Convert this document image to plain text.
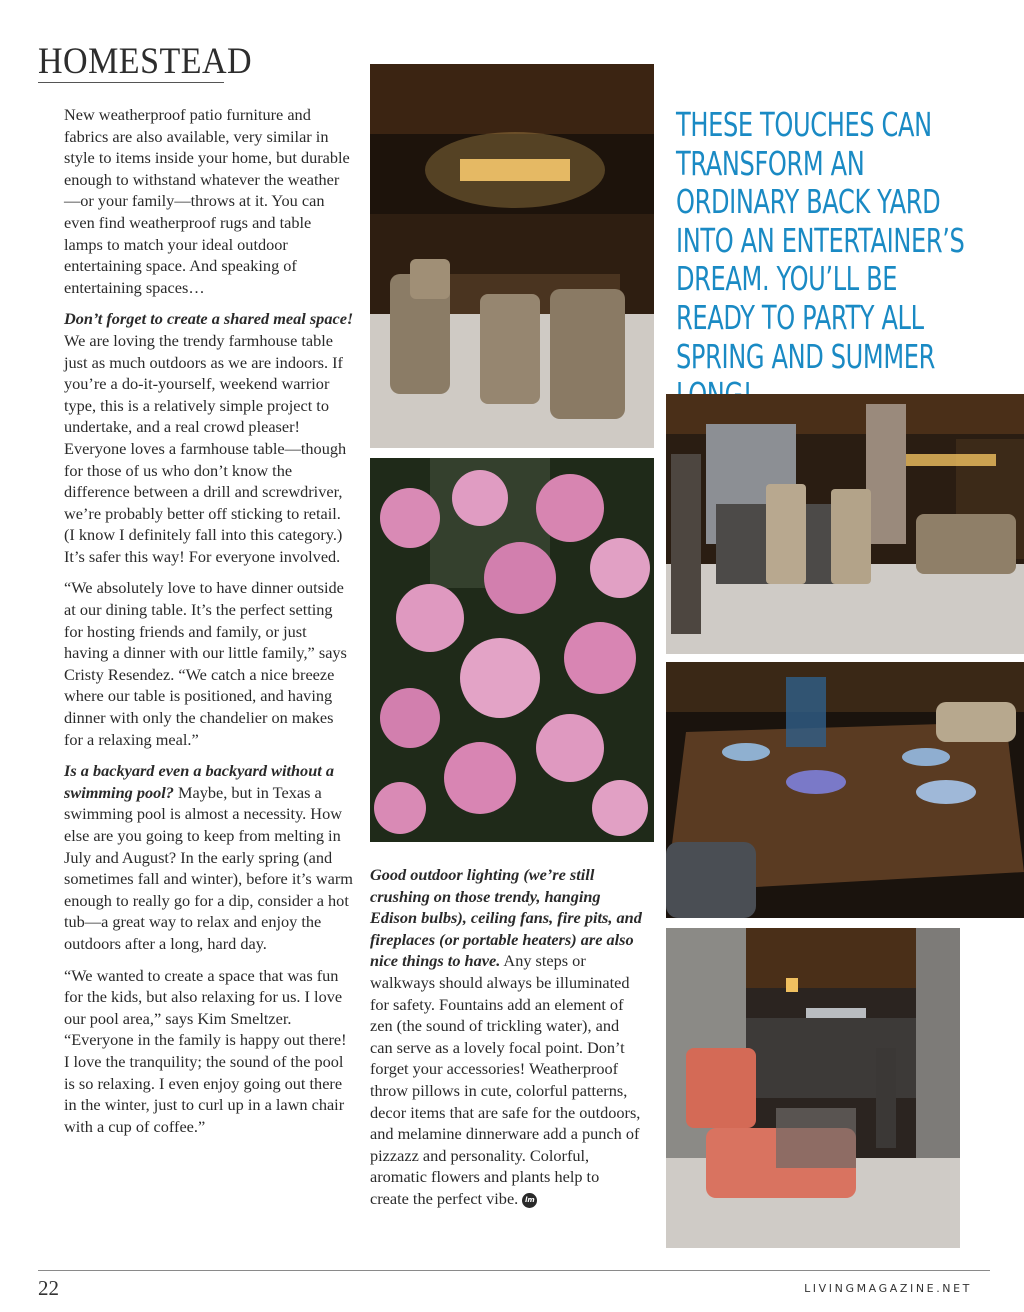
HOMESTEAD

New weatherproof patio furniture and fabrics are also available, very similar in style to items inside your home, but durable enough to withstand whatever the weather—or your family—throws at it. You can even find weatherproof rugs and table lamps to match your ideal outdoor entertaining space. And speaking of entertaining spaces…

Don’t forget to create a shared meal space! We are loving the trendy farmhouse table just as much outdoors as we are indoors. If you’re a do-it-yourself, weekend warrior type, this is a relatively simple project to undertake, and a real crowd pleaser! Everyone loves a farmhouse table—though for those of us who don’t know the difference between a drill and screwdriver, we’re probably better off sticking to retail. (I know I definitely fall into this category.) It’s safer this way! For everyone involved.

“We absolutely love to have dinner outside at our dining table. It’s the perfect setting for hosting friends and family, or just having a dinner with our little family,” says Cristy Resendez. “We catch a nice breeze where our table is positioned, and having dinner with only the chandelier on makes for a relaxing meal.”

Is a backyard even a backyard without a swimming pool? Maybe, but in Texas a swimming pool is almost a necessity. How else are you going to keep from melting in July and August? In the early spring (and sometimes fall and winter), before it’s warm enough to really go for a dip, consider a hot tub—a great way to relax and enjoy the outdoors after a long, hard day.

“We wanted to create a space that was fun for the kids, but also relaxing for us. I love our pool area,” says Kim Smeltzer. “Everyone in the family is happy out there! I love the tranquility; the sound of the pool is so relaxing. I even enjoy going out there in the winter, just to curl up in a lawn chair with a cup of coffee.”

THESE TOUCHES CAN TRANSFORM AN ORDINARY BACK YARD INTO AN ENTERTAINER’S DREAM. YOU’LL BE READY TO PARTY ALL SPRING AND SUMMER

Good outdoor lighting (we’re still crushing on those trendy, hanging Edison bulbs), ceiling fans, fire pits, and fireplaces (or portable heaters) are also nice things to have. Any steps or walkways should always be illuminated for safety. Fountains add an element of zen (the sound of trickling water), and can serve as a lovely focal point. Don’t forget your accessories! Weatherproof throw pillows in cute, colorful patterns, decor items that are safe for the outdoors, and melamine dinnerware add a punch of pizzazz and personality. Colorful, aromatic flowers and plants help to create the perfect vibe. lm

22	LIVINGMAGAZINE.NET
